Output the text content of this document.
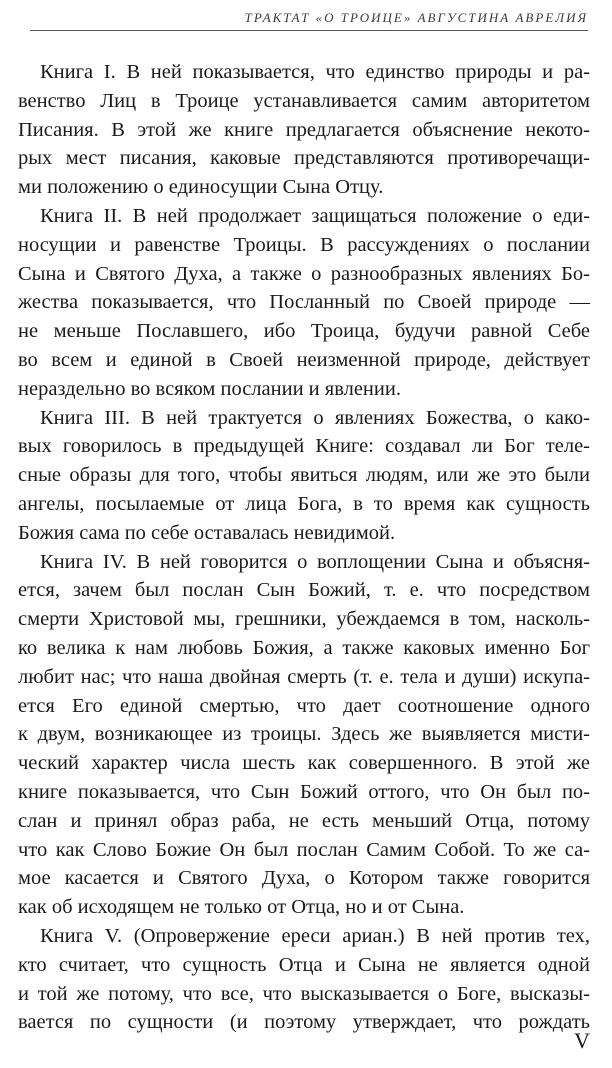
ТРАКТАТ «О ТРОИЦЕ» АВГУСТИНА АВРЕЛИЯ
Книга I. В ней показывается, что единство природы и ра-
венство Лиц в Троице устанавливается самим авторитетом
Писания. В этой же книге предлагается объяснение некото-
рых мест писания, каковые представляются противоречащи-
ми положению о единосущии Сына Отцу.
Книга II. В ней продолжает защищаться положение о еди-
носущии и равенстве Троицы. В рассуждениях о послании
Сына и Святого Духа, а также о разнообразных явлениях Бо-
жества показывается, что Посланный по Своей природе —
не меньше Пославшего, ибо Троица, будучи равной Себе
во всем и единой в Своей неизменной природе, действует
нераздельно во всяком послании и явлении.
Книга III. В ней трактуется о явлениях Божества, о како-
вых говорилось в предыдущей Книге: создавал ли Бог теле-
сные образы для того, чтобы явиться людям, или же это были
ангелы, посылаемые от лица Бога, в то время как сущность
Божия сама по себе оставалась невидимой.
Книга IV. В ней говорится о воплощении Сына и объясня-
ется, зачем был послан Сын Божий, т. е. что посредством
смерти Христовой мы, грешники, убеждаемся в том, насколь-
ко велика к нам любовь Божия, а также каковых именно Бог
любит нас; что наша двойная смерть (т. е. тела и души) искупа-
ется Его единой смертью, что дает соотношение одного
к двум, возникающее из троицы. Здесь же выявляется мисти-
ческий характер числа шесть как совершенного. В этой же
книге показывается, что Сын Божий оттого, что Он был по-
слан и принял образ раба, не есть меньший Отца, потому
что как Слово Божие Он был послан Самим Собой. То же са-
мое касается и Святого Духа, о Котором также говорится
как об исходящем не только от Отца, но и от Сына.
Книга V. (Опровержение ереси ариан.) В ней против тех,
кто считает, что сущность Отца и Сына не является одной
и той же потому, что все, что высказывается о Боге, высказы-
вается по сущности (и поэтому утверждает, что рождать
V
